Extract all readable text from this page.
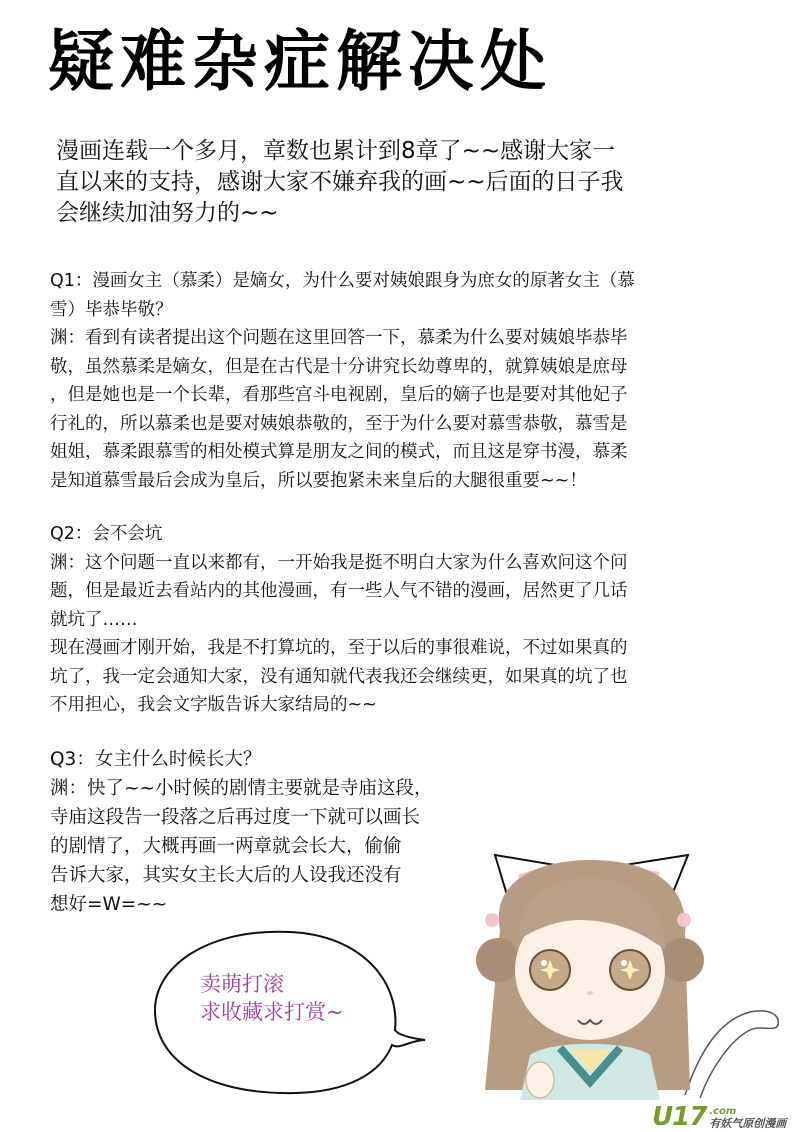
疑难杂症解决处
漫画连载一个多月，章数也累计到8章了~~感谢大家一
直以来的支持，感谢大家不嫌弃我的画~~后面的日子我
会继续加油努力的~~
Q1：漫画女主（慕柔）是嫡女，为什么要对姨娘跟身为庶女的原著女主（慕
雪）毕恭毕敬？
渊：看到有读者提出这个问题在这里回答一下，慕柔为什么要对姨娘毕恭毕
敬，虽然慕柔是嫡女，但是在古代是十分讲究长幼尊卑的，就算姨娘是庶母
，但是她也是一个长辈，看那些宫斗电视剧，皇后的嫡子也是要对其他妃子
行礼的，所以慕柔也是要对姨娘恭敬的，至于为什么要对慕雪恭敬，慕雪是
姐姐，慕柔跟慕雪的相处模式算是朋友之间的模式，而且这是穿书漫，慕柔
是知道慕雪最后会成为皇后，所以要抱紧未来皇后的大腿很重要~~！
Q2：会不会坑
渊：这个问题一直以来都有，一开始我是挺不明白大家为什么喜欢问这个问
题，但是最近去看站内的其他漫画，有一些人气不错的漫画，居然更了几话
就坑了……
现在漫画才刚开始，我是不打算坑的，至于以后的事很难说，不过如果真的
坑了，我一定会通知大家，没有通知就代表我还会继续更，如果真的坑了也
不用担心，我会文字版告诉大家结局的~~
Q3：女主什么时候长大？
渊：快了~~小时候的剧情主要就是寺庙这段，
寺庙这段告一段落之后再过度一下就可以画长
的剧情了，大概再画一两章就会长大，偷偷
告诉大家，其实女主长大后的人设我还没有
想好=W=~~
卖萌打滚
求收藏求打赏~
U17 .com
有妖气原创漫画
